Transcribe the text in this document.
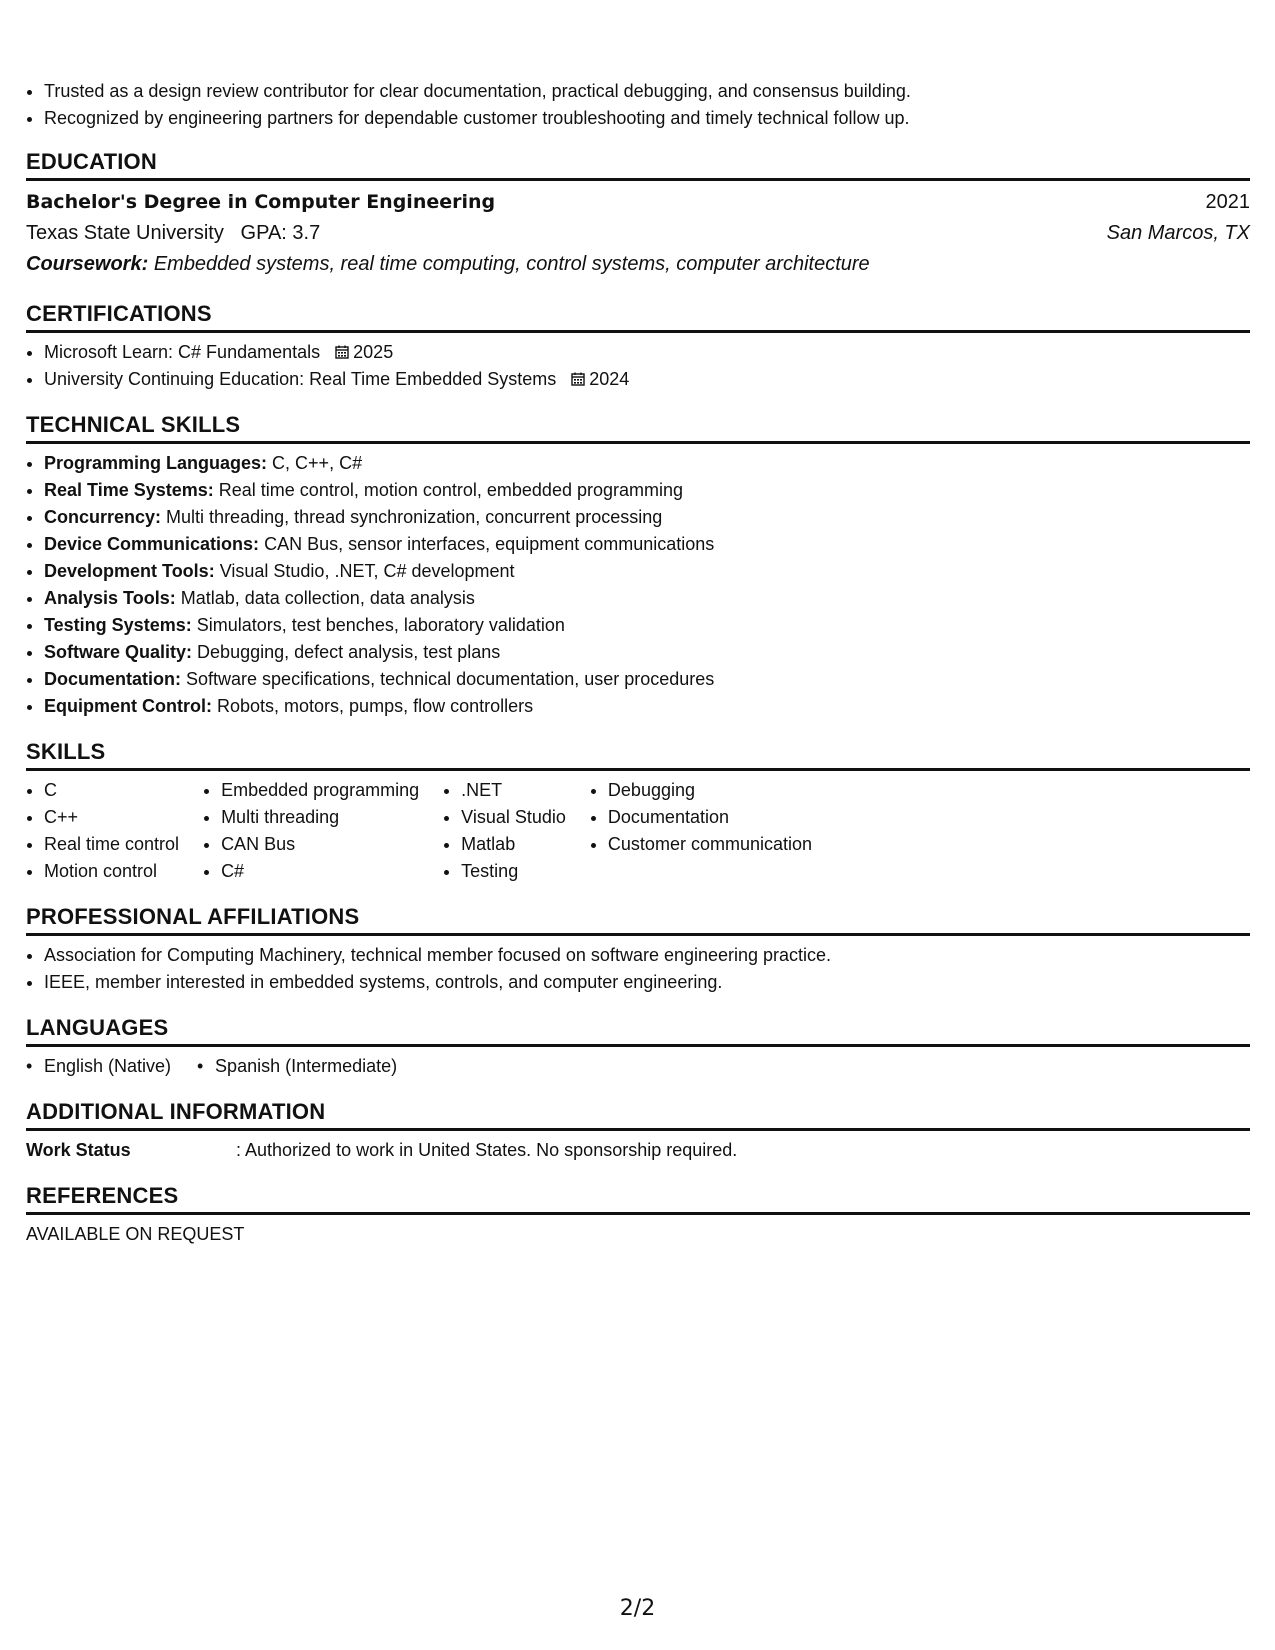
• Trusted as a design review contributor for clear documentation, practical debugging, and consensus building.
• Recognized by engineering partners for dependable customer troubleshooting and timely technical follow up.
EDUCATION
Bachelor's Degree in Computer Engineering	2021
Texas State University GPA: 3.7	San Marcos, TX
Coursework: Embedded systems, real time computing, control systems, computer architecture
CERTIFICATIONS
• Microsoft Learn: C# Fundamentals 2025
• University Continuing Education: Real Time Embedded Systems 2024
TECHNICAL SKILLS
• Programming Languages: C, C++, C#
• Real Time Systems: Real time control, motion control, embedded programming
• Concurrency: Multi threading, thread synchronization, concurrent processing
• Device Communications: CAN Bus, sensor interfaces, equipment communications
• Development Tools: Visual Studio, .NET, C# development
• Analysis Tools: Matlab, data collection, data analysis
• Testing Systems: Simulators, test benches, laboratory validation
• Software Quality: Debugging, defect analysis, test plans
• Documentation: Software specifications, technical documentation, user procedures
• Equipment Control: Robots, motors, pumps, flow controllers
SKILLS
• C
• C++
• Real time control
• Motion control
• Embedded programming
• Multi threading
• CAN Bus
• C#
• .NET
• Visual Studio
• Matlab
• Testing
• Debugging
• Documentation
• Customer communication
PROFESSIONAL AFFILIATIONS
• Association for Computing Machinery, technical member focused on software engineering practice.
• IEEE, member interested in embedded systems, controls, and computer engineering.
LANGUAGES
• English (Native)
•	Spanish (Intermediate)
ADDITIONAL INFORMATION
Work Status	: Authorized to work in United States. No sponsorship required.
REFERENCES
AVAILABLE ON REQUEST
2/2
